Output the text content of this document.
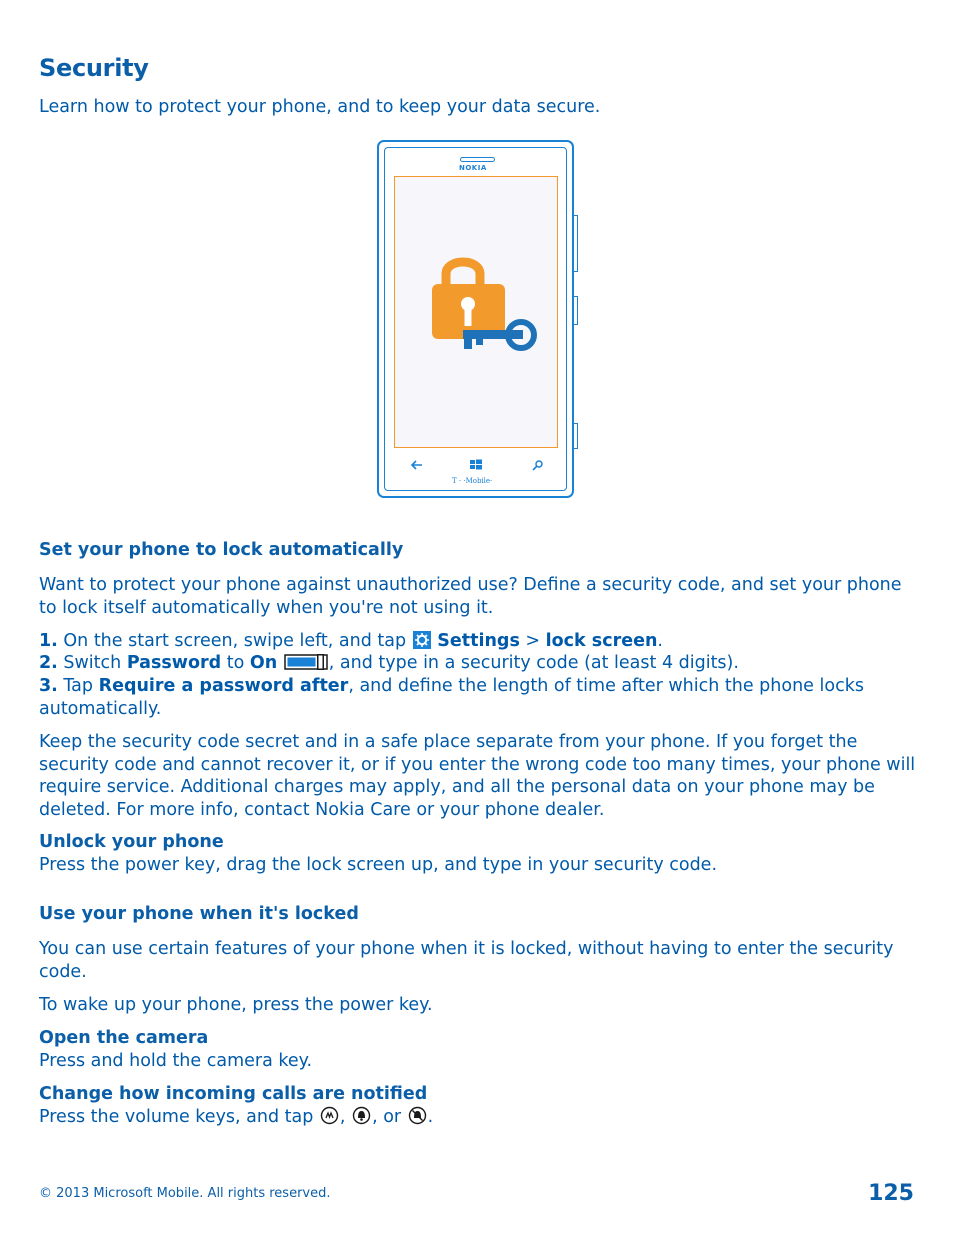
Security
Learn how to protect your phone, and to keep your data secure.
NOKIA
T · ·Mobile·
Set your phone to lock automatically

Want to protect your phone against unauthorized use? Define a security code, and set your phone to lock itself automatically when you're not using it.

1. On the start screen, swipe left, and tap  Settings > lock screen.

2. Switch Password to On	, and type in a security code (at least 4 digits).

3. Tap Require a password after, and define the length of time after which the phone locks automatically.

Keep the security code secret and in a safe place separate from your phone. If you forget the security code and cannot recover it, or if you enter the wrong code too many times, your phone will require service. Additional charges may apply, and all the personal data on your phone may be deleted. For more info, contact Nokia Care or your phone dealer.

Unlock your phone

Press the power key, drag the lock screen up, and type in your security code.

Use your phone when it's locked

You can use certain features of your phone when it is locked, without having to enter the security code.

To wake up your phone, press the power key.

Open the camera

Press and hold the camera key.

Change how incoming calls are notified

Press the volume keys, and tap , , or .

© 2013 Microsoft Mobile. All rights reserved.	125
